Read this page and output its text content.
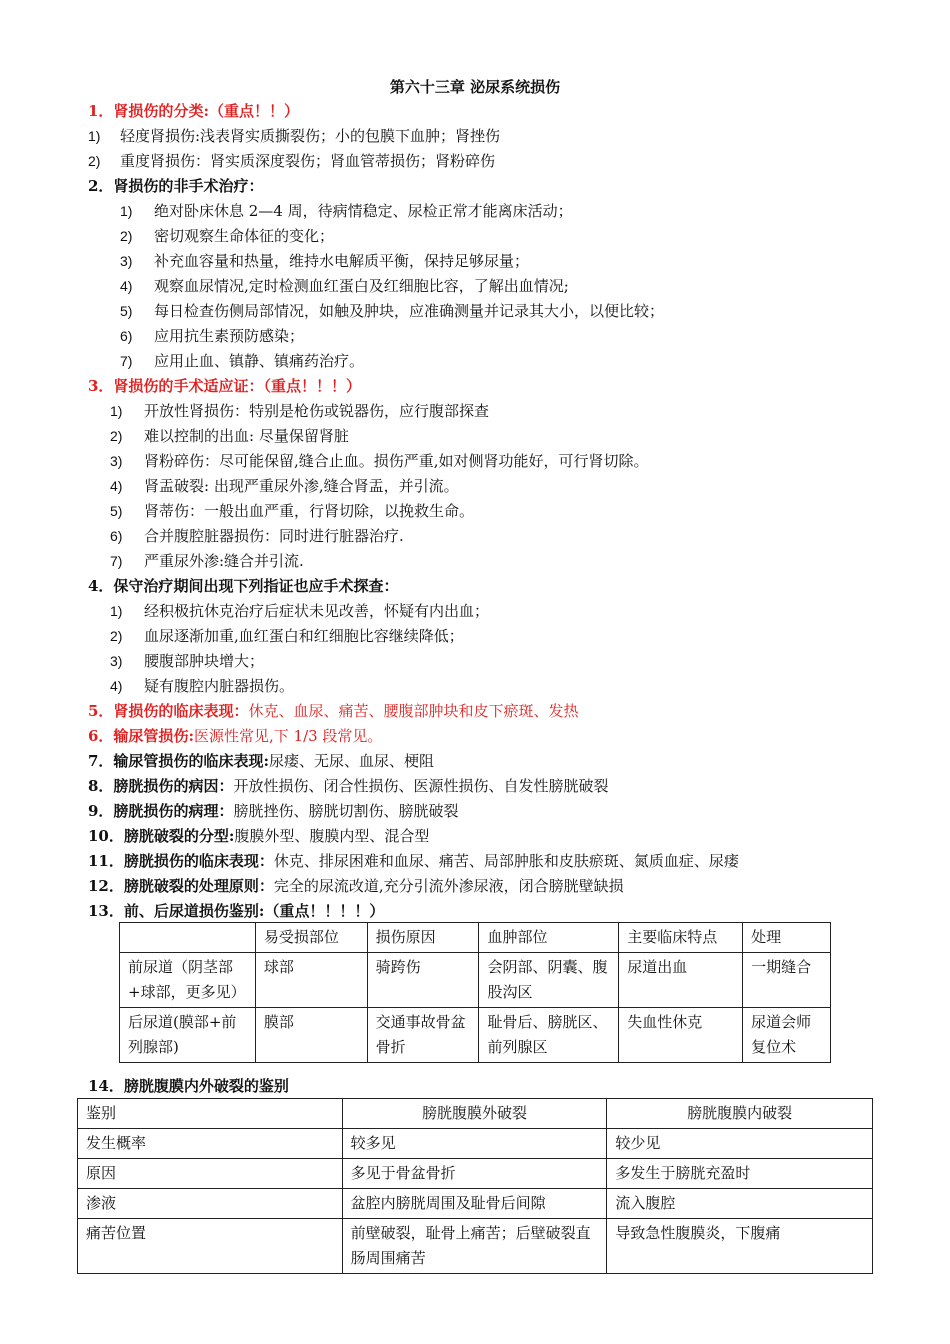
第六十三章 泌尿系统损伤
1．肾损伤的分类:（重点！！）
1) 轻度肾损伤:浅表肾实质撕裂伤；小的包膜下血肿；肾挫伤
2) 重度肾损伤：肾实质深度裂伤；肾血管蒂损伤；肾粉碎伤
2．肾损伤的非手术治疗：
1) 绝对卧床休息 2—4 周，待病情稳定、尿检正常才能离床活动；
2) 密切观察生命体征的变化；
3) 补充血容量和热量，维持水电解质平衡，保持足够尿量；
4) 观察血尿情况,定时检测血红蛋白及红细胞比容，了解出血情况;
5) 每日检查伤侧局部情况，如触及肿块，应准确测量并记录其大小，以便比较；
6) 应用抗生素预防感染；
7) 应用止血、镇静、镇痛药治疗。
3．肾损伤的手术适应证：（重点！！！）
1) 开放性肾损伤：特别是枪伤或锐器伤，应行腹部探查
2) 难以控制的出血: 尽量保留肾脏
3) 肾粉碎伤：尽可能保留,缝合止血。损伤严重,如对侧肾功能好，可行肾切除。
4) 肾盂破裂: 出现严重尿外渗,缝合肾盂，并引流。
5) 肾蒂伤：一般出血严重，行肾切除，以挽救生命。
6) 合并腹腔脏器损伤：同时进行脏器治疗.
7) 严重尿外渗:缝合并引流.
4．保守治疗期间出现下列指证也应手术探查：
1) 经积极抗休克治疗后症状未见改善，怀疑有内出血；
2) 血尿逐渐加重,血红蛋白和红细胞比容继续降低；
3) 腰腹部肿块增大；
4) 疑有腹腔内脏器损伤。
5．肾损伤的临床表现：休克、血尿、痛苦、腰腹部肿块和皮下瘀斑、发热
6．输尿管损伤:医源性常见,下 1/3 段常见。
7．输尿管损伤的临床表现:尿瘘、无尿、血尿、梗阻
8．膀胱损伤的病因：开放性损伤、闭合性损伤、医源性损伤、自发性膀胱破裂
9．膀胱损伤的病理：膀胱挫伤、膀胱切割伤、膀胱破裂
10．膀胱破裂的分型:腹膜外型、腹膜内型、混合型
11．膀胱损伤的临床表现：休克、排尿困难和血尿、痛苦、局部肿胀和皮肤瘀斑、氮质血症、尿瘘
12．膀胱破裂的处理原则：完全的尿流改道,充分引流外渗尿液，闭合膀胱壁缺损
13．前、后尿道损伤鉴别:（重点！！！！）
	易受损部位	损伤原因	血肿部位	主要临床特点	处理
前尿道（阴茎部+球部，更多见）	球部	骑跨伤	会阴部、阴囊、腹股沟区	尿道出血	一期缝合
后尿道(膜部+前列腺部)	膜部	交通事故骨盆骨折	耻骨后、膀胱区、前列腺区	失血性休克	尿道会师复位术
14．膀胱腹膜内外破裂的鉴别
鉴别	膀胱腹膜外破裂	膀胱腹膜内破裂
发生概率	较多见	较少见
原因	多见于骨盆骨折	多发生于膀胱充盈时
渗液	盆腔内膀胱周围及耻骨后间隙	流入腹腔
痛苦位置	前壁破裂，耻骨上痛苦；后壁破裂直肠周围痛苦	导致急性腹膜炎，下腹痛
